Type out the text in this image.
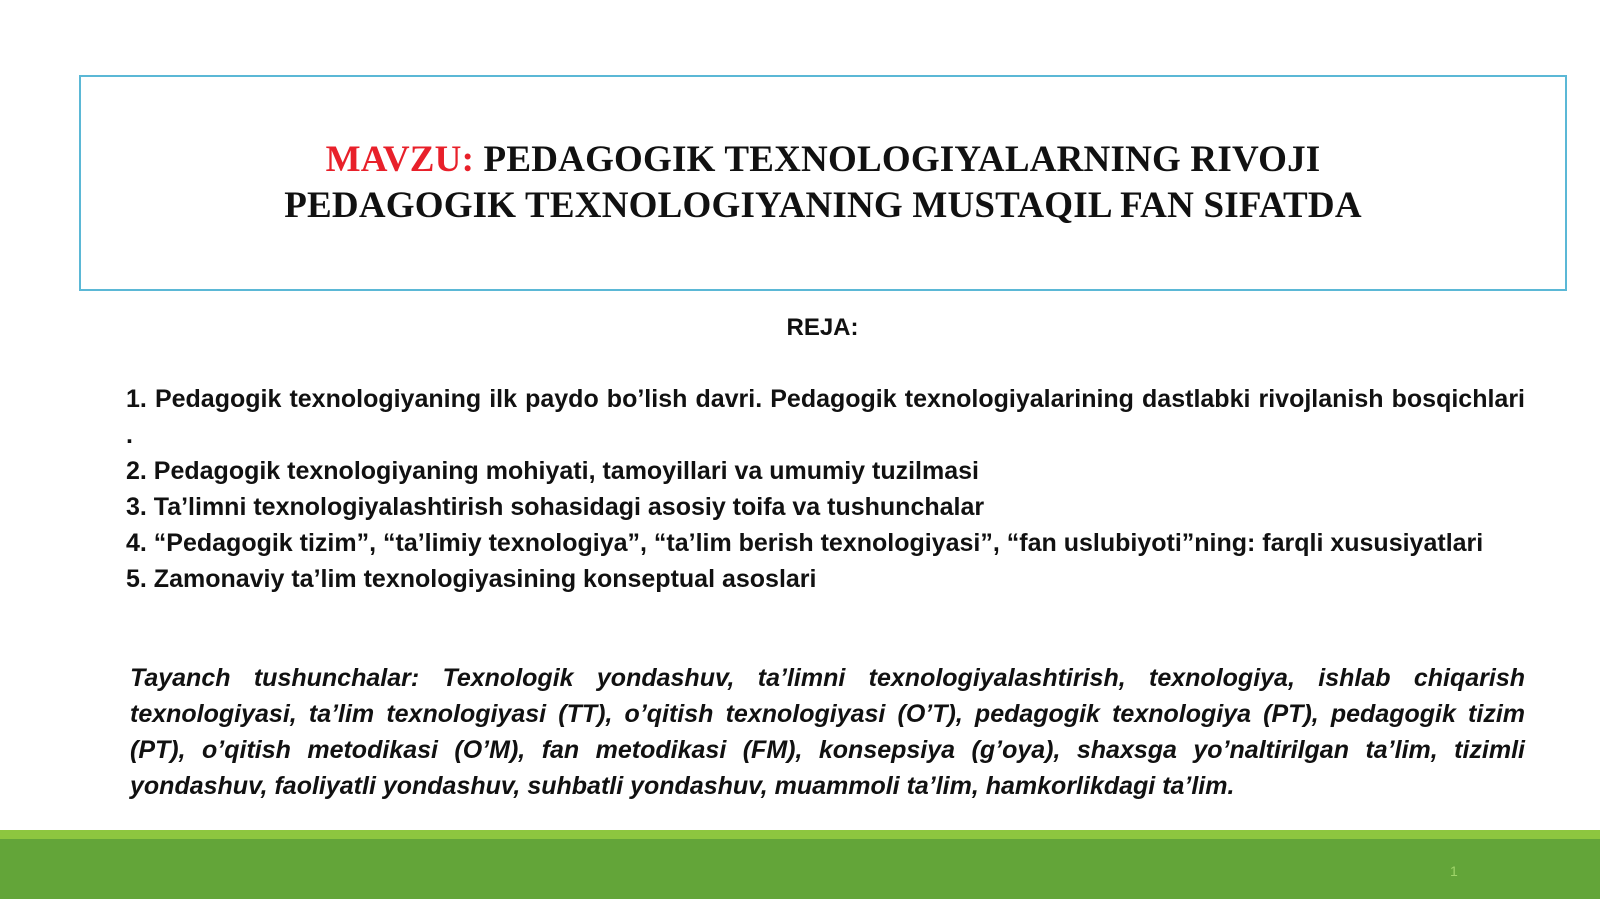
MAVZU: PEDAGOGIK TEXNOLOGIYALARNING RIVOJI
PEDAGOGIK TEXNOLOGIYANING MUSTAQIL FAN SIFATDA
REJA:

1. Pedagogik texnologiyaning ilk paydo bo’lish davri. Pedagogik texnologiyalarining dastlabki rivojlanish bosqichlari .

2. Pedagogik texnologiyaning mohiyati, tamoyillari va umumiy tuzilmasi

3. Ta’limni texnologiyalashtirish sohasidagi asosiy toifa va tushunchalar

4. “Pedagogik tizim”, “ta’limiy texnologiya”, “ta’lim berish texnologiyasi”, “fan uslubiyoti”ning: farqli xususiyatlari

5. Zamonaviy ta’lim texnologiyasining konseptual asoslari

Tayanch tushunchalar: Texnologik yondashuv, ta’limni texnologiyalashtirish, texnologiya, ishlab chiqarish texnologiyasi, ta’lim texnologiyasi (TT), o’qitish texnologiyasi (O’T), pedagogik texnologiya (PT), pedagogik tizim (PT), o’qitish metodikasi (O’M), fan metodikasi (FM), konsepsiya (g’oya), shaxsga yo’naltirilgan ta’lim, tizimli yondashuv, faoliyatli yondashuv, suhbatli yondashuv, muammoli ta’lim, hamkorlikdagi ta’lim.
1
